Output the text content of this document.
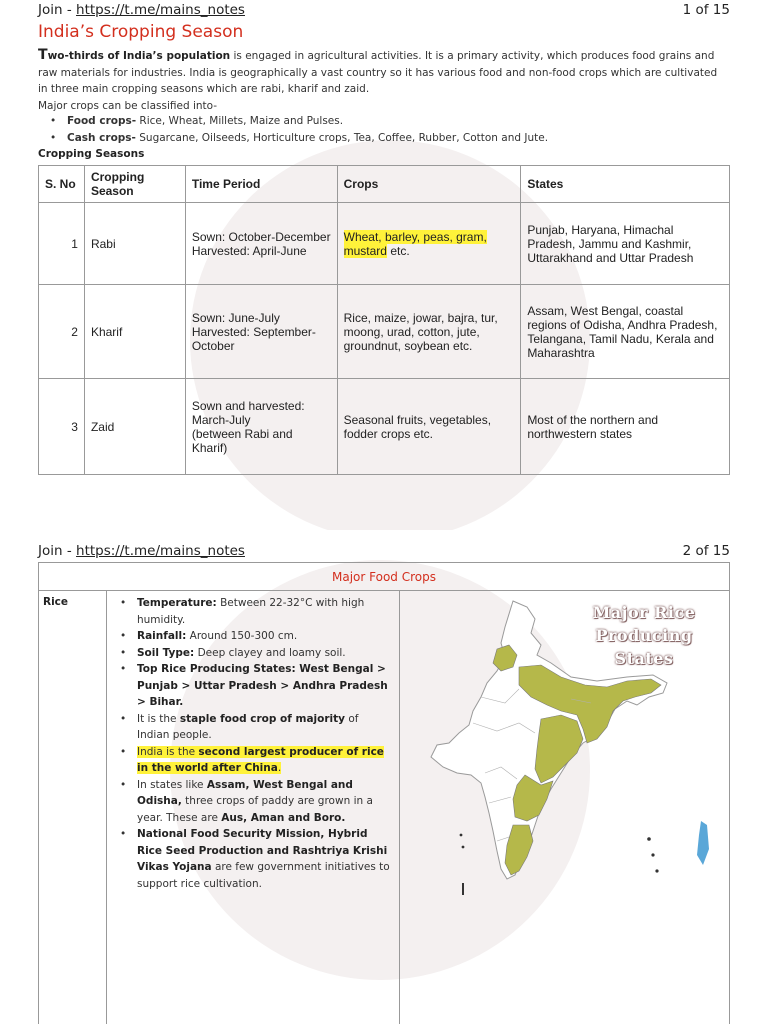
Join - https://t.me/mains_notes	1 of 15
India’s Cropping Season

Two-thirds of India’s population is engaged in agricultural activities. It is a primary activity, which produces food grains and raw materials for industries. India is geographically a vast country so it has various food and non-food crops which are cultivated in three main cropping seasons which are rabi, kharif and zaid.
Major crops can be classified into-

• Food crops- Rice, Wheat, Millets, Maize and Pulses.
• Cash crops- Sugarcane, Oilseeds, Horticulture crops, Tea, Coffee, Rubber, Cotton and Jute.
Cropping Seasons
S. No	Cropping Season	Time Period	Crops	States
1	Rabi	Sown: October-December
Harvested: April-June	Wheat, barley, peas, gram, mustard etc.	Punjab, Haryana, Himachal Pradesh, Jammu and Kashmir, Uttarakhand and Uttar Pradesh
2	Kharif	Sown: June-July
Harvested: September-October	Rice, maize, jowar, bajra, tur, moong, urad, cotton, jute, groundnut, soybean etc.	Assam, West Bengal, coastal regions of Odisha, Andhra Pradesh, Telangana, Tamil Nadu, Kerala and Maharashtra
3	Zaid	Sown and harvested: March-July
(between Rabi and Kharif)	Seasonal fruits, vegetables, fodder crops etc.	Most of the northern and northwestern states
Join - https://t.me/mains_notes	2 of 15
Major Food Crops
Rice	• Temperature: Between 22-32°C with high humidity.
• Rainfall: Around 150-300 cm.
• Soil Type: Deep clayey and loamy soil.
• Top Rice Producing States: West Bengal > Punjab > Uttar Pradesh > Andhra Pradesh > Bihar.
• It is the staple food crop of majority of Indian people.
• India is the second largest producer of rice in the world after China.
• In states like Assam, West Bengal and Odisha, three crops of paddy are grown in a year. These are Aus, Aman and Boro.
• National Food Security Mission, Hybrid Rice Seed Production and Rashtriya Krishi Vikas Yojana are few government initiatives to support rice cultivation.
Major Rice
Producing States
